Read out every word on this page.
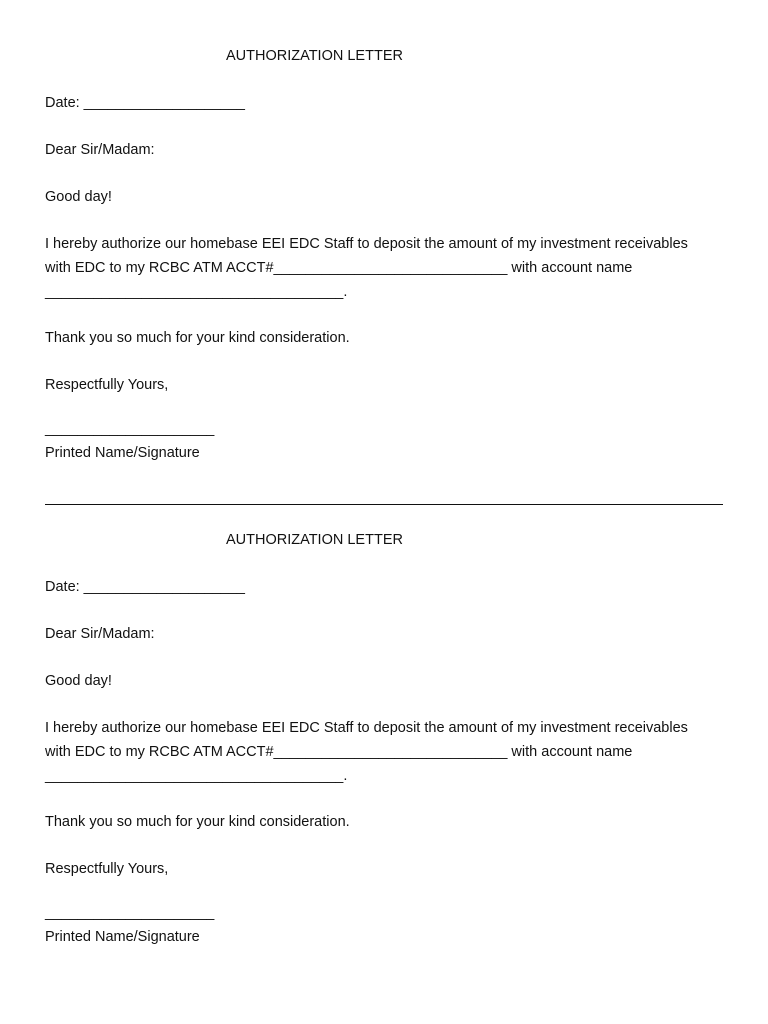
AUTHORIZATION LETTER
Date: ____________________
Dear Sir/Madam:
Good day!
I hereby authorize our homebase EEI EDC Staff to deposit the amount of my investment receivables
with EDC to my RCBC ATM ACCT#_____________________________ with account name
_____________________________________.
Thank you so much for your kind consideration.
Respectfully Yours,
_____________________
Printed Name/Signature
AUTHORIZATION LETTER
Date: ____________________
Dear Sir/Madam:
Good day!
I hereby authorize our homebase EEI EDC Staff to deposit the amount of my investment receivables
with EDC to my RCBC ATM ACCT#_____________________________ with account name
_____________________________________.
Thank you so much for your kind consideration.
Respectfully Yours,
_____________________
Printed Name/Signature
